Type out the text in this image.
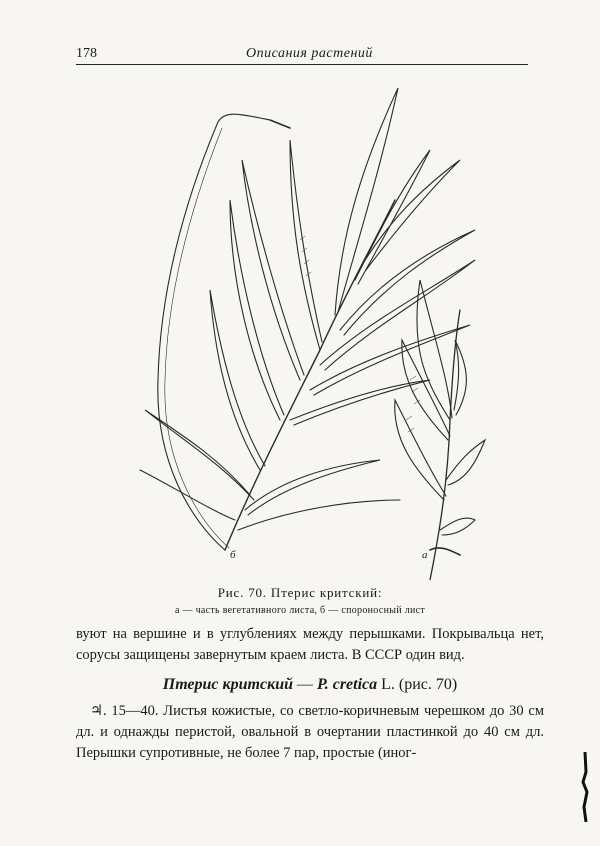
178	Описания растений
б	а
Рис. 70. Птерис критский:
а — часть вегетативного листа, б — спороносный лист

вуют на вершине и в углублениях между перышками. Покрывальца нет, сорусы защищены завернутым краем листа. В СССР один вид.

Птерис критский — P. cretica L. (рис. 70)

♃. 15—40. Листья кожистые, со светло-коричневым черешком до 30 см дл. и однажды перистой, овальной в очертании пластинкой до 40 см дл. Перышки супротивные, не более 7 пар, простые (иног-
